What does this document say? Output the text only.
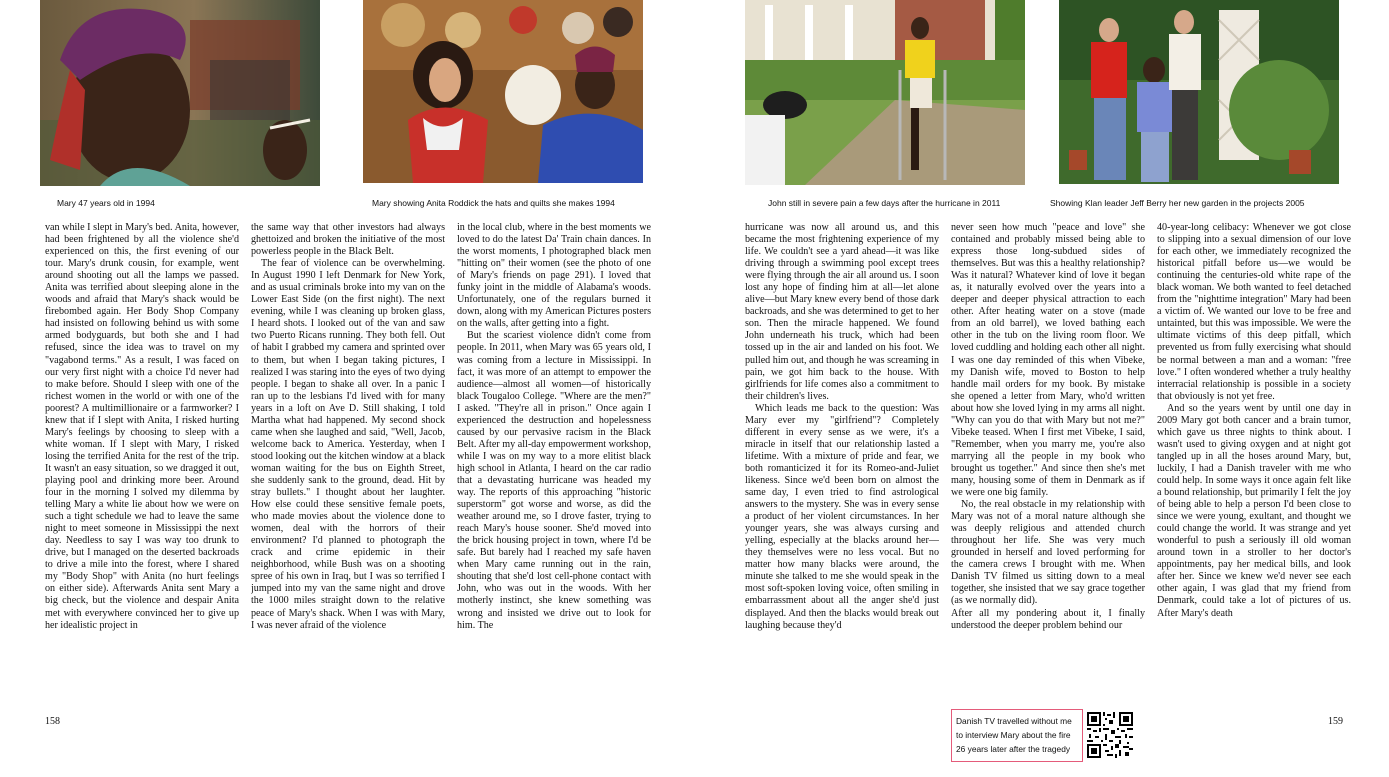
Mary 47 years old in 1994	Mary showing Anita Roddick the hats and quilts she makes 1994	John still in severe pain a few days after the hurricane in 2011	Showing Klan leader Jeff Berry her new garden in the projects 2005

van while I slept in Mary's bed. Anita, however, had been frightened by all the violence she'd experienced on this, the first evening of our tour. Mary's drunk cousin, for example, went around shooting out all the lamps we passed. Anita was terrified about sleeping alone in the woods and afraid that Mary's shack would be firebombed again. Her Body Shop Company had insisted on following behind us with some armed bodyguards, but both she and I had refused, since the idea was to travel on my "vagabond terms." As a result, I was faced on our very first night with a choice I'd never had to make before. Should I sleep with one of the richest women in the world or with one of the poorest? A multimillionaire or a farmworker? I knew that if I slept with Anita, I risked hurting Mary's feelings by choosing to sleep with a white woman. If I slept with Mary, I risked losing the terrified Anita for the rest of the trip. It wasn't an easy situation, so we dragged it out, playing pool and drinking more beer. Around four in the morning I solved my dilemma by telling Mary a white lie about how we were on such a tight schedule we had to leave the same night to meet someone in Mississippi the next day. Needless to say I was way too drunk to drive, but I managed on the deserted backroads to drive a mile into the forest, where I shared my "Body Shop" with Anita (no hurt feelings on either side). Afterwards Anita sent Mary a big check, but the violence and despair Anita met with everywhere convinced her to give up her idealistic project in

the same way that other investors had always ghettoized and broken the initiative of the most powerless people in the Black Belt.

The fear of violence can be overwhelming. In August 1990 I left Denmark for New York, and as usual criminals broke into my van on the Lower East Side (on the first night). The next evening, while I was cleaning up broken glass, I heard shots. I looked out of the van and saw two Puerto Ricans running. They both fell. Out of habit I grabbed my camera and sprinted over to them, but when I began taking pictures, I realized I was staring into the eyes of two dying people. I began to shake all over. In a panic I ran up to the lesbians I'd lived with for many years in a loft on Ave D. Still shaking, I told Martha what had happened. My second shock came when she laughed and said, "Well, Jacob, welcome back to America. Yesterday, when I stood looking out the kitchen window at a black woman waiting for the bus on Eighth Street, she suddenly sank to the ground, dead. Hit by stray bullets." I thought about her laughter. How else could these sensitive female poets, who made movies about the violence done to women, deal with the horrors of their environment? I'd planned to photograph the crack and crime epidemic in their neighborhood, while Bush was on a shooting spree of his own in Iraq, but I was so terrified I jumped into my van the same night and drove the 1000 miles straight down to the relative peace of Mary's shack. When I was with Mary, I was never afraid of the violence

in the local club, where in the best moments we loved to do the latest Da' Train chain dances. In the worst moments, I photographed black men "hitting on" their women (see the photo of one of Mary's friends on page 291). I loved that funky joint in the middle of Alabama's woods. Unfortunately, one of the regulars burned it down, along with my American Pictures posters on the walls, after getting into a fight.

But the scariest violence didn't come from people. In 2011, when Mary was 65 years old, I was coming from a lecture in Mississippi. In fact, it was more of an attempt to empower the audience—almost all women—of historically black Tougaloo College. "Where are the men?" I asked. "They're all in prison." Once again I experienced the destruction and hopelessness caused by our pervasive racism in the Black Belt. After my all-day empowerment workshop, while I was on my way to a more elitist black high school in Atlanta, I heard on the car radio that a devastating hurricane was headed my way. The reports of this approaching "historic superstorm" got worse and worse, as did the weather around me, so I drove faster, trying to reach Mary's house sooner. She'd moved into the brick housing project in town, where I'd be safe. But barely had I reached my safe haven when Mary came running out in the rain, shouting that she'd lost cell-phone contact with John, who was out in the woods. With her motherly instinct, she knew something was wrong and insisted we drive out to look for him. The

hurricane was now all around us, and this became the most frightening experience of my life. We couldn't see a yard ahead—it was like driving through a swimming pool except trees were flying through the air all around us. I soon lost any hope of finding him at all—let alone alive—but Mary knew every bend of those dark backroads, and she was determined to get to her son. Then the miracle happened. We found John underneath his truck, which had been tossed up in the air and landed on his foot. We pulled him out, and though he was screaming in pain, we got him back to the house. With girlfriends for life comes also a commitment to their children's lives.

Which leads me back to the question: Was Mary ever my "girlfriend"? Completely different in every sense as we were, it's a miracle in itself that our relationship lasted a lifetime. With a mixture of pride and fear, we both romanticized it for its Romeo-and-Juliet likeness. Since we'd been born on almost the same day, I even tried to find astrological answers to the mystery. She was in every sense a product of her violent circumstances. In her younger years, she was always cursing and yelling, especially at the blacks around her—they themselves were no less vocal. But no matter how many blacks were around, the minute she talked to me she would speak in the most soft-spoken loving voice, often smiling in embarrassment about all the anger she'd just displayed. And then the blacks would break out laughing because they'd

never seen how much "peace and love" she contained and probably missed being able to express those long-subdued sides of themselves. But was this a healthy relationship? Was it natural? Whatever kind of love it began as, it naturally evolved over the years into a deeper and deeper physical attraction to each other. After heating water on a stove (made from an old barrel), we loved bathing each other in the tub on the living room floor. We loved cuddling and holding each other all night. I was one day reminded of this when Vibeke, my Danish wife, moved to Boston to help handle mail orders for my book. By mistake she opened a letter from Mary, who'd written about how she loved lying in my arms all night. "Why can you do that with Mary but not me?" Vibeke teased. When I first met Vibeke, I said, "Remember, when you marry me, you're also marrying all the people in my book who brought us together." And since then she's met many, housing some of them in Denmark as if we were one big family.

No, the real obstacle in my relationship with Mary was not of a moral nature although she was deeply religious and attended church throughout her life. She was very much grounded in herself and loved performing for the camera crews I brought with me. When Danish TV filmed us sitting down to a meal together, she insisted that we say grace together (as we normally did).

After all my pondering about it, I finally understood the deeper problem behind our

40-year-long celibacy: Whenever we got close to slipping into a sexual dimension of our love for each other, we immediately recognized the historical pitfall before us—we would be continuing the centuries-old white rape of the black woman. We both wanted to feel detached from the "nighttime integration" Mary had been a victim of. We wanted our love to be free and untainted, but this was impossible. We were the ultimate victims of this deep pitfall, which prevented us from fully exercising what should be normal between a man and a woman: "free love." I often wondered whether a truly healthy interracial relationship is possible in a society that obviously is not yet free.

And so the years went by until one day in 2009 Mary got both cancer and a brain tumor, which gave us three nights to think about. I wasn't used to giving oxygen and at night got tangled up in all the hoses around Mary, but, luckily, I had a Danish traveler with me who could help. In some ways it once again felt like a bound relationship, but primarily I felt the joy of being able to help a person I'd been close to since we were young, exultant, and thought we could change the world. It was strange and yet wonderful to push a seriously ill old woman around town in a stroller to her doctor's appointments, pay her medical bills, and look after her. Since we knew we'd never see each other again, I was glad that my friend from Denmark, could take a lot of pictures of us. After Mary's death

158	159
Danish TV travelled without me
to interview Mary about the fire
26 years later after the tragedy
